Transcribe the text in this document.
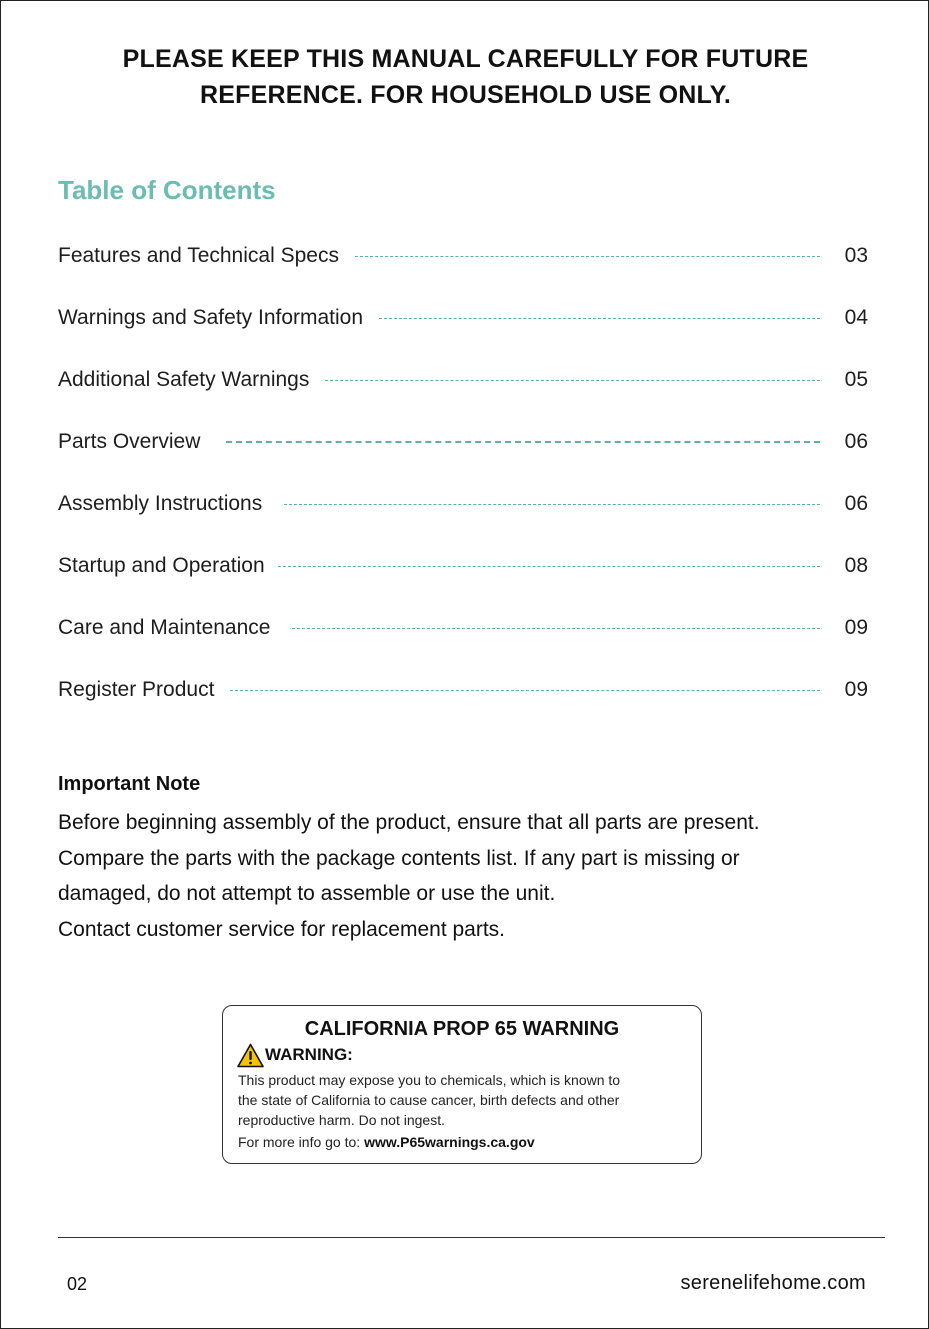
PLEASE KEEP THIS MANUAL CAREFULLY FOR FUTURE
REFERENCE. FOR HOUSEHOLD USE ONLY.
Table of Contents
Features and Technical Specs	03
Warnings and Safety Information	04
Additional Safety Warnings	05
Parts Overview	06
Assembly Instructions	06
Startup and Operation	08
Care and Maintenance	09
Register Product	09
Important Note
Before beginning assembly of the product, ensure that all parts are present.
Compare the parts with the package contents list. If any part is missing or
damaged, do not attempt to assemble or use the unit.
Contact customer service for replacement parts.
CALIFORNIA PROP 65 WARNING
WARNING:
This product may expose you to chemicals, which is known to
the state of California to cause cancer, birth defects and other
reproductive harm. Do not ingest.
For more info go to: www.P65warnings.ca.gov
02	serenelifehome.com
